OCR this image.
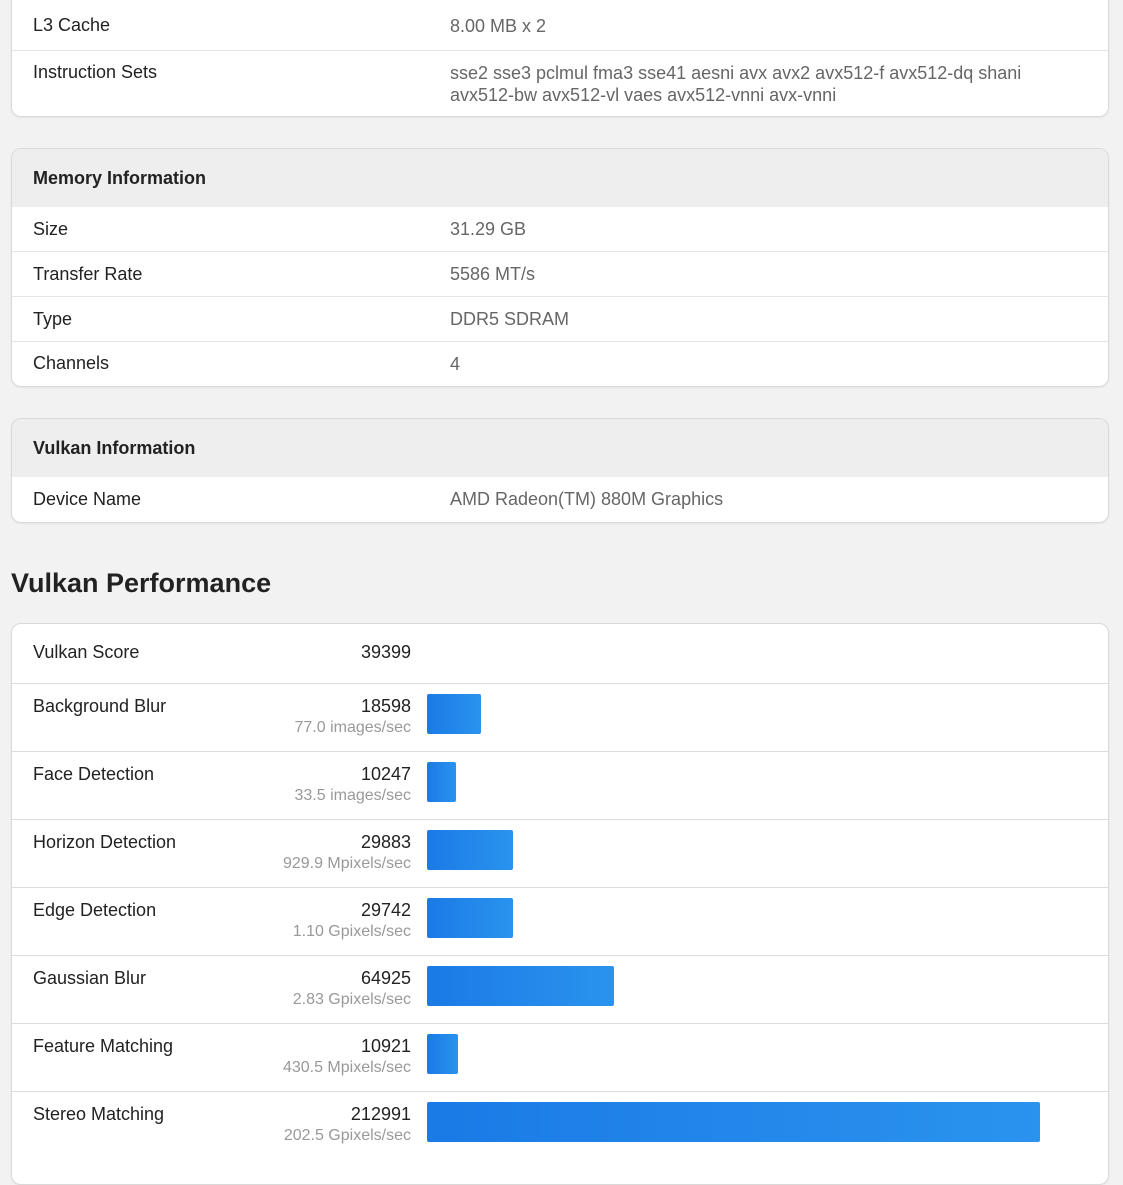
L3 Cache	8.00 MB x 2
Instruction Sets	sse2 sse3 pclmul fma3 sse41 aesni avx avx2 avx512-f avx512-dq shani avx512-bw avx512-vl vaes avx512-vnni avx-vnni
Memory Information
Size	31.29 GB
Transfer Rate	5586 MT/s
Type	DDR5 SDRAM
Channels	4
Vulkan Information
Device Name	AMD Radeon(TM) 880M Graphics
Vulkan Performance
Vulkan Score	39399
Background Blur	18598
77.0 images/sec
Face Detection	10247
33.5 images/sec
Horizon Detection	29883
929.9 Mpixels/sec
Edge Detection	29742
1.10 Gpixels/sec
Gaussian Blur	64925
2.83 Gpixels/sec
Feature Matching	10921
430.5 Mpixels/sec
Stereo Matching	212991
202.5 Gpixels/sec
